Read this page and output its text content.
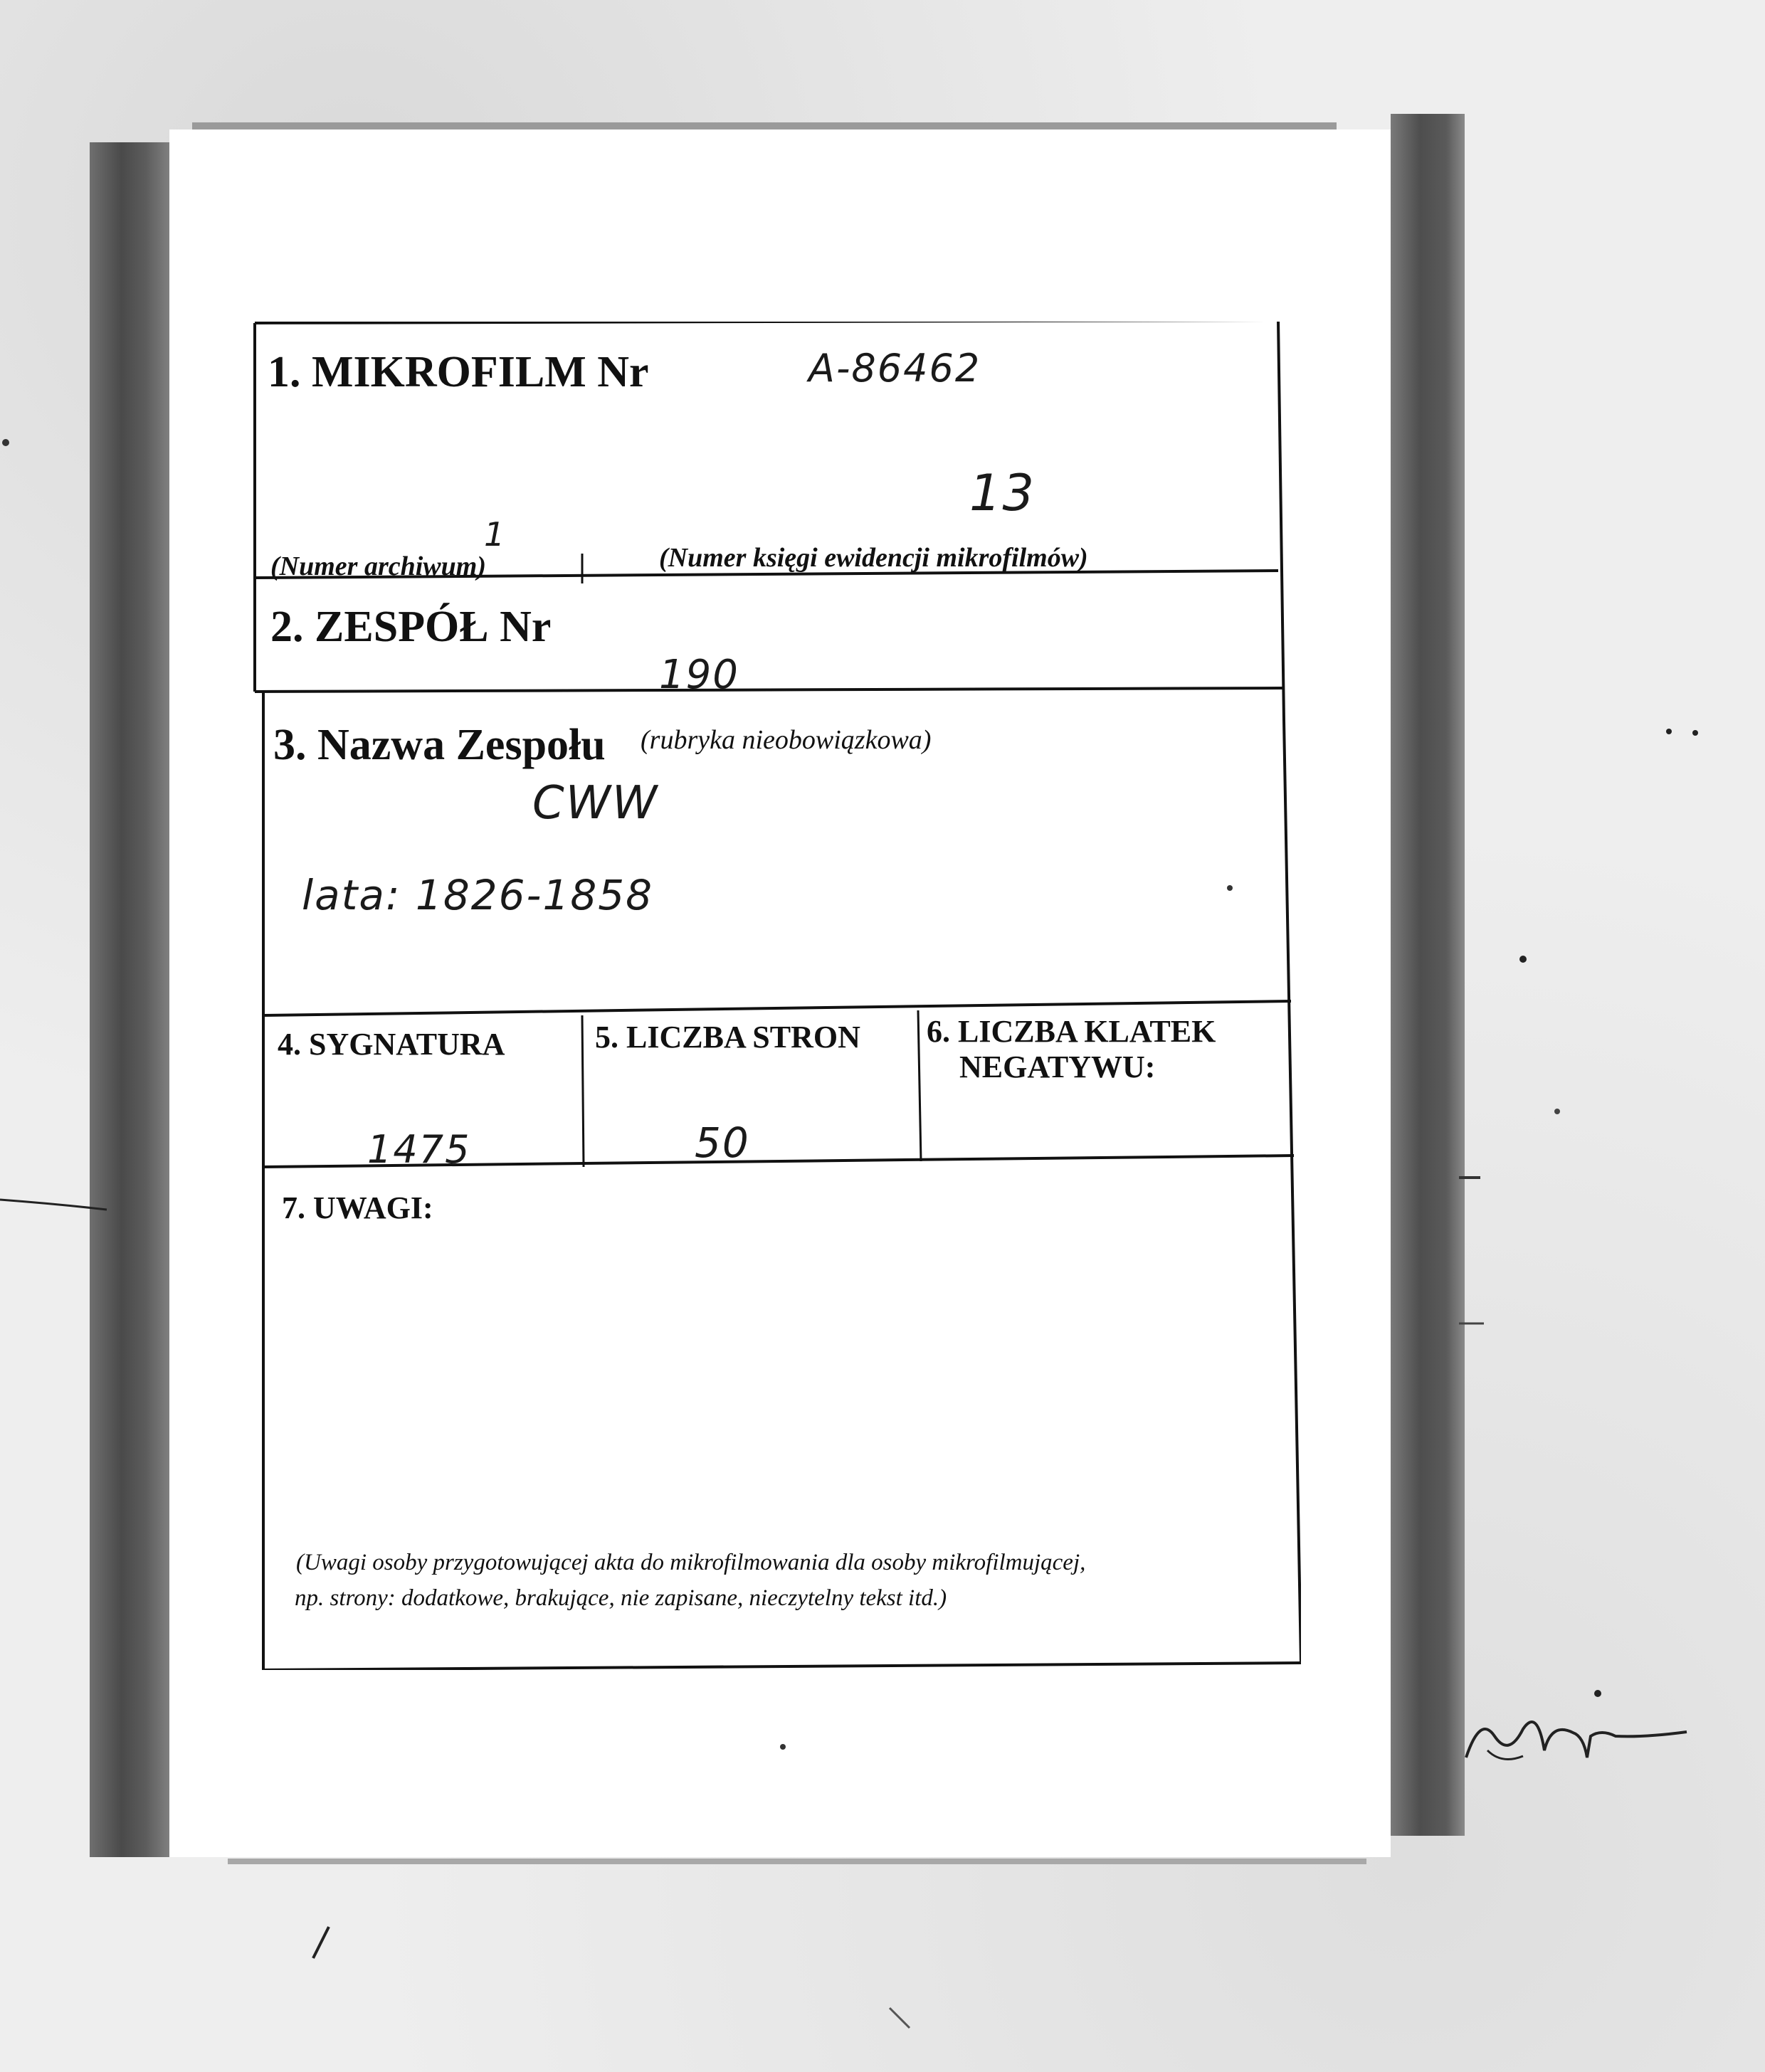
1. MIKROFILM Nr	A-86462
13
1
(Numer archiwum)	(Numer księgi ewidencji mikrofilmów)
2. ZESPÓŁ Nr
190
3. Nazwa Zespołu (rubryka nieobowiązkowa)
CWW
lata: 1826-1858
4. SYGNATURA
1475
5. LICZBA STRON
50
6. LICZBA KLATEK
NEGATYWU:
7. UWAGI:
(Uwagi osoby przygotowującej akta do mikrofilmowania dla osoby mikrofilmującej,
np. strony: dodatkowe, brakujące, nie zapisane, nieczytelny tekst itd.)
